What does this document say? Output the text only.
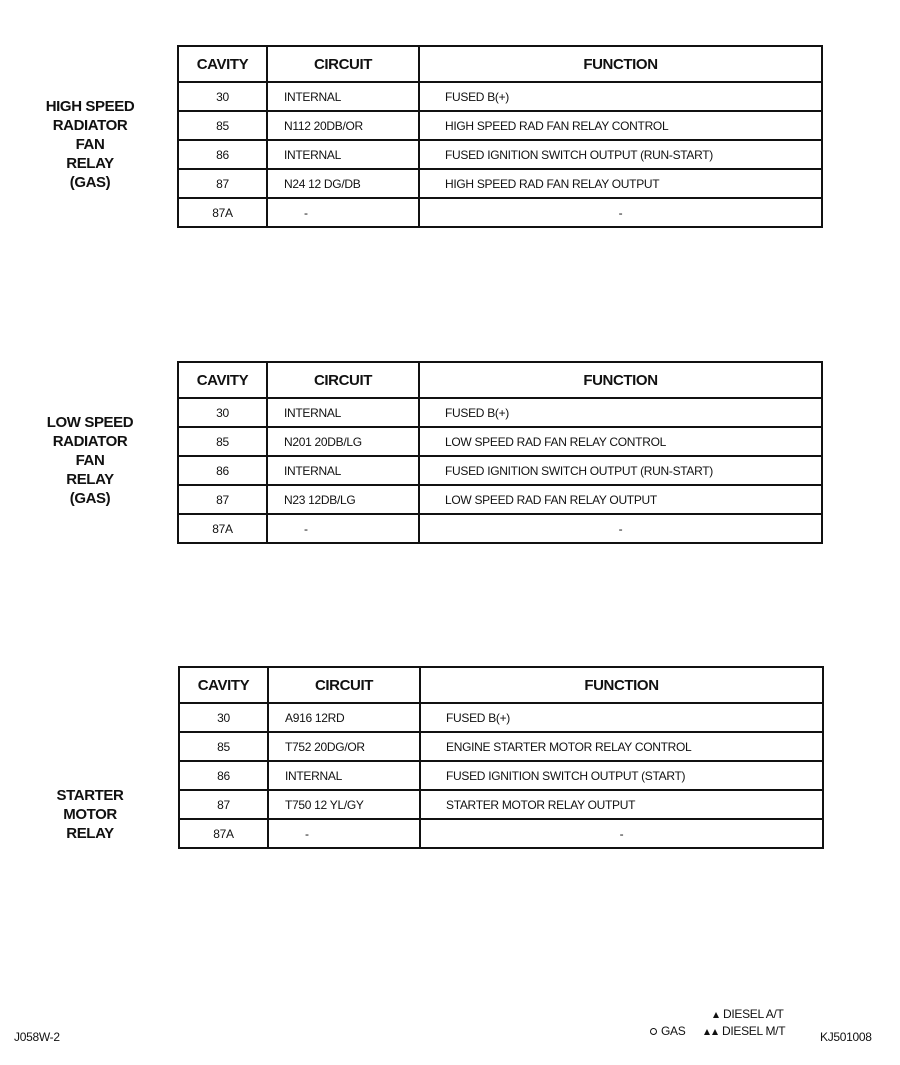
HIGH SPEED
RADIATOR
FAN
RELAY
(GAS)
CAVITY	CIRCUIT	FUNCTION
30	INTERNAL	FUSED B(+)
85	N112 20DB/OR	HIGH SPEED RAD FAN RELAY CONTROL
86	INTERNAL	FUSED IGNITION SWITCH OUTPUT (RUN-START)
87	N24 12 DG/DB	HIGH SPEED RAD FAN RELAY OUTPUT
87A	-	-
LOW SPEED
RADIATOR
FAN
RELAY
(GAS)
CAVITY	CIRCUIT	FUNCTION
30	INTERNAL	FUSED B(+)
85	N201 20DB/LG	LOW SPEED RAD FAN RELAY CONTROL
86	INTERNAL	FUSED IGNITION SWITCH OUTPUT (RUN-START)
87	N23 12DB/LG	LOW SPEED RAD FAN RELAY OUTPUT
87A	-	-
STARTER
MOTOR
RELAY
CAVITY	CIRCUIT	FUNCTION
30	A916 12RD	FUSED B(+)
85	T752 20DG/OR	ENGINE STARTER MOTOR RELAY CONTROL
86	INTERNAL	FUSED IGNITION SWITCH OUTPUT (START)
87	T750 12 YL/GY	STARTER MOTOR RELAY OUTPUT
87A	-	-
J058W-2	GAS
DIESEL A/T
DIESEL M/T	KJ501008
